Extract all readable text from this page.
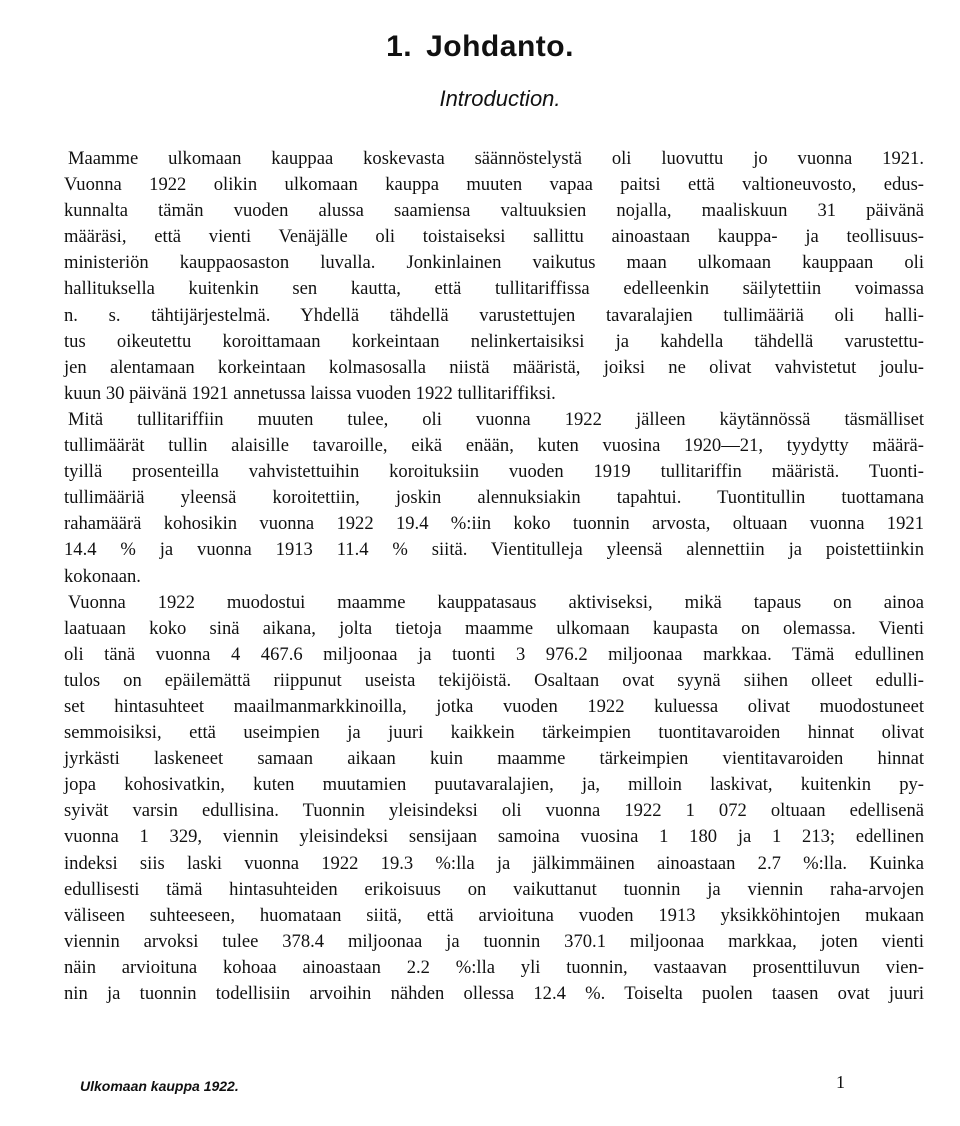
1. Johdanto.
Introduction.
Maamme ulkomaan kauppaa koskevasta säännöstelystä oli luovuttu jo vuonna 1921.
Vuonna 1922 olikin ulkomaan kauppa muuten vapaa paitsi että valtioneuvosto, edus-
kunnalta tämän vuoden alussa saamiensa valtuuksien nojalla, maaliskuun 31 päivänä
määräsi, että vienti Venäjälle oli toistaiseksi sallittu ainoastaan kauppa- ja teollisuus-
ministeriön kauppaosaston luvalla. Jonkinlainen vaikutus maan ulkomaan kauppaan oli
hallituksella kuitenkin sen kautta, että tullitariffissa edelleenkin säilytettiin voimassa
n. s. tähtijärjestelmä. Yhdellä tähdellä varustettujen tavaralajien tullimääriä oli halli-
tus oikeutettu koroittamaan korkeintaan nelinkertaisiksi ja kahdella tähdellä varustettu-
jen alentamaan korkeintaan kolmasosalla niistä määristä, joiksi ne olivat vahvistetut joulu-
kuun 30 päivänä 1921 annetussa laissa vuoden 1922 tullitariffiksi.
Mitä tullitariffiin muuten tulee, oli vuonna 1922 jälleen käytännössä täsmälliset
tullimäärät tullin alaisille tavaroille, eikä enään, kuten vuosina 1920—21, tyydytty määrä-
tyillä prosenteilla vahvistettuihin koroituksiin vuoden 1919 tullitariffin määristä. Tuonti-
tullimääriä yleensä koroitettiin, joskin alennuksiakin tapahtui. Tuontitullin tuottamana
rahamäärä kohosikin vuonna 1922 19.4 %:iin koko tuonnin arvosta, oltuaan vuonna 1921
14.4 % ja vuonna 1913 11.4 % siitä. Vientitulleja yleensä alennettiin ja poistettiinkin
kokonaan.
Vuonna 1922 muodostui maamme kauppatasaus aktiviseksi, mikä tapaus on ainoa
laatuaan koko sinä aikana, jolta tietoja maamme ulkomaan kaupasta on olemassa. Vienti
oli tänä vuonna 4 467.6 miljoonaa ja tuonti 3 976.2 miljoonaa markkaa. Tämä edullinen
tulos on epäilemättä riippunut useista tekijöistä. Osaltaan ovat syynä siihen olleet edulli-
set hintasuhteet maailmanmarkkinoilla, jotka vuoden 1922 kuluessa olivat muodostuneet
semmoisiksi, että useimpien ja juuri kaikkein tärkeimpien tuontitavaroiden hinnat olivat
jyrkästi laskeneet samaan aikaan kuin maamme tärkeimpien vientitavaroiden hinnat
jopa kohosivatkin, kuten muutamien puutavaralajien, ja, milloin laskivat, kuitenkin py-
syivät varsin edullisina. Tuonnin yleisindeksi oli vuonna 1922 1 072 oltuaan edellisenä
vuonna 1 329, viennin yleisindeksi sensijaan samoina vuosina 1 180 ja 1 213; edellinen
indeksi siis laski vuonna 1922 19.3 %:lla ja jälkimmäinen ainoastaan 2.7 %:lla. Kuinka
edullisesti tämä hintasuhteiden erikoisuus on vaikuttanut tuonnin ja viennin raha-arvojen
väliseen suhteeseen, huomataan siitä, että arvioituna vuoden 1913 yksikköhintojen mukaan
viennin arvoksi tulee 378.4 miljoonaa ja tuonnin 370.1 miljoonaa markkaa, joten vienti
näin arvioituna kohoaa ainoastaan 2.2 %:lla yli tuonnin, vastaavan prosenttiluvun vien-
nin ja tuonnin todellisiin arvoihin nähden ollessa 12.4 %. Toiselta puolen taasen ovat juuri
Ulkomaan kauppa 1922.	1
